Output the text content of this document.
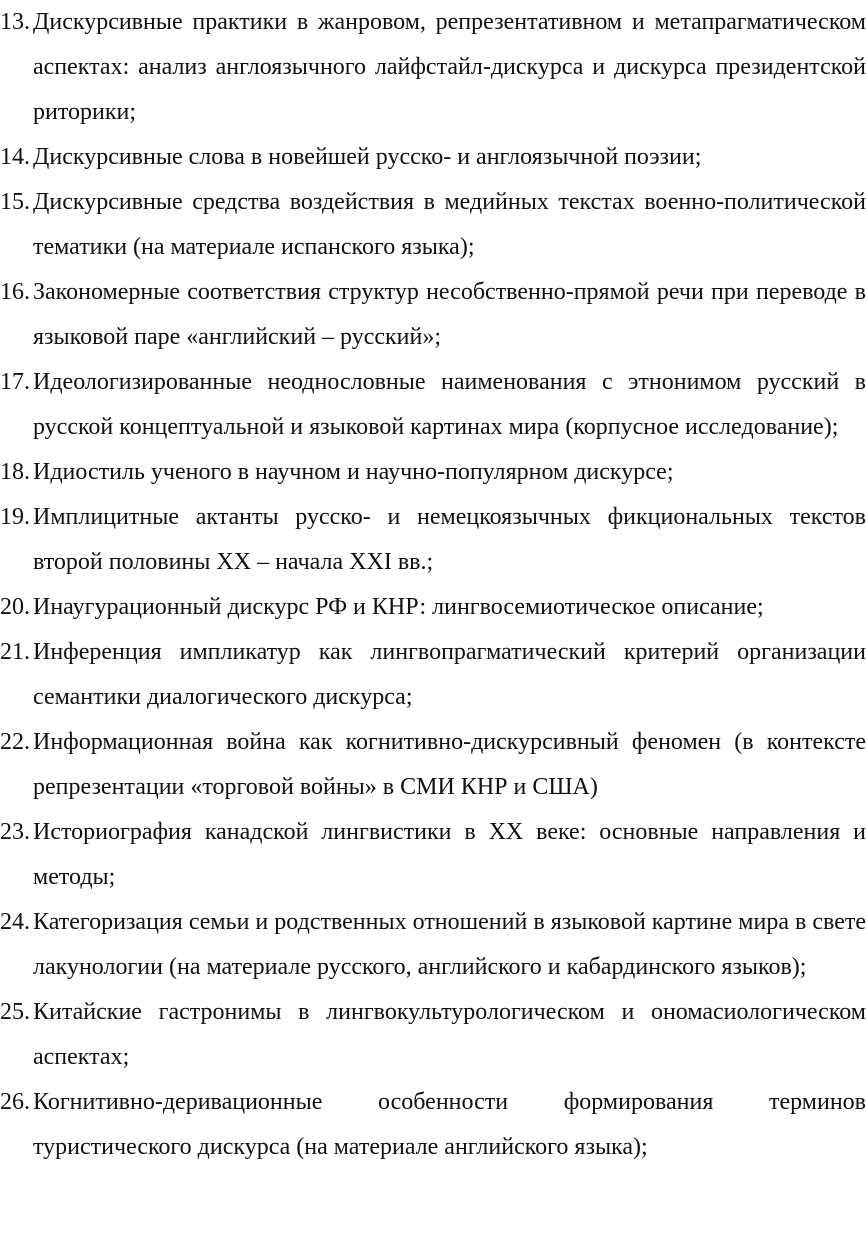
13. Дискурсивные практики в жанровом, репрезентативном и метапрагматическом аспектах: анализ англоязычного лайфстайл-дискурса и дискурса президентской риторики;
14. Дискурсивные слова в новейшей русско- и англоязычной поэзии;
15. Дискурсивные средства воздействия в медийных текстах военно-политической тематики (на материале испанского языка);
16. Закономерные соответствия структур несобственно-прямой речи при переводе в языковой паре «английский – русский»;
17. Идеологизированные неоднословные наименования с этнонимом русский в русской концептуальной и языковой картинах мира (корпусное исследование);
18. Идиостиль ученого в научном и научно-популярном дискурсе;
19. Имплицитные актанты русско- и немецкоязычных фикциональных текстов второй половины XX – начала XXI вв.;
20. Инаугурационный дискурс РФ и КНР: лингвосемиотическое описание;
21. Инференция импликатур как лингвопрагматический критерий организации семантики диалогического дискурса;
22. Информационная война как когнитивно-дискурсивный феномен (в контексте репрезентации «торговой войны» в СМИ КНР и США)
23. Историография канадской лингвистики в XX веке: основные направления и методы;
24. Категоризация семьи и родственных отношений в языковой картине мира в свете лакунологии (на материале русского, английского и кабардинского языков);
25. Китайские гастронимы в лингвокультурологическом и ономасиологическом аспектах;
26. Когнитивно-деривационные особенности формирования терминов туристического дискурса (на материале английского языка);
